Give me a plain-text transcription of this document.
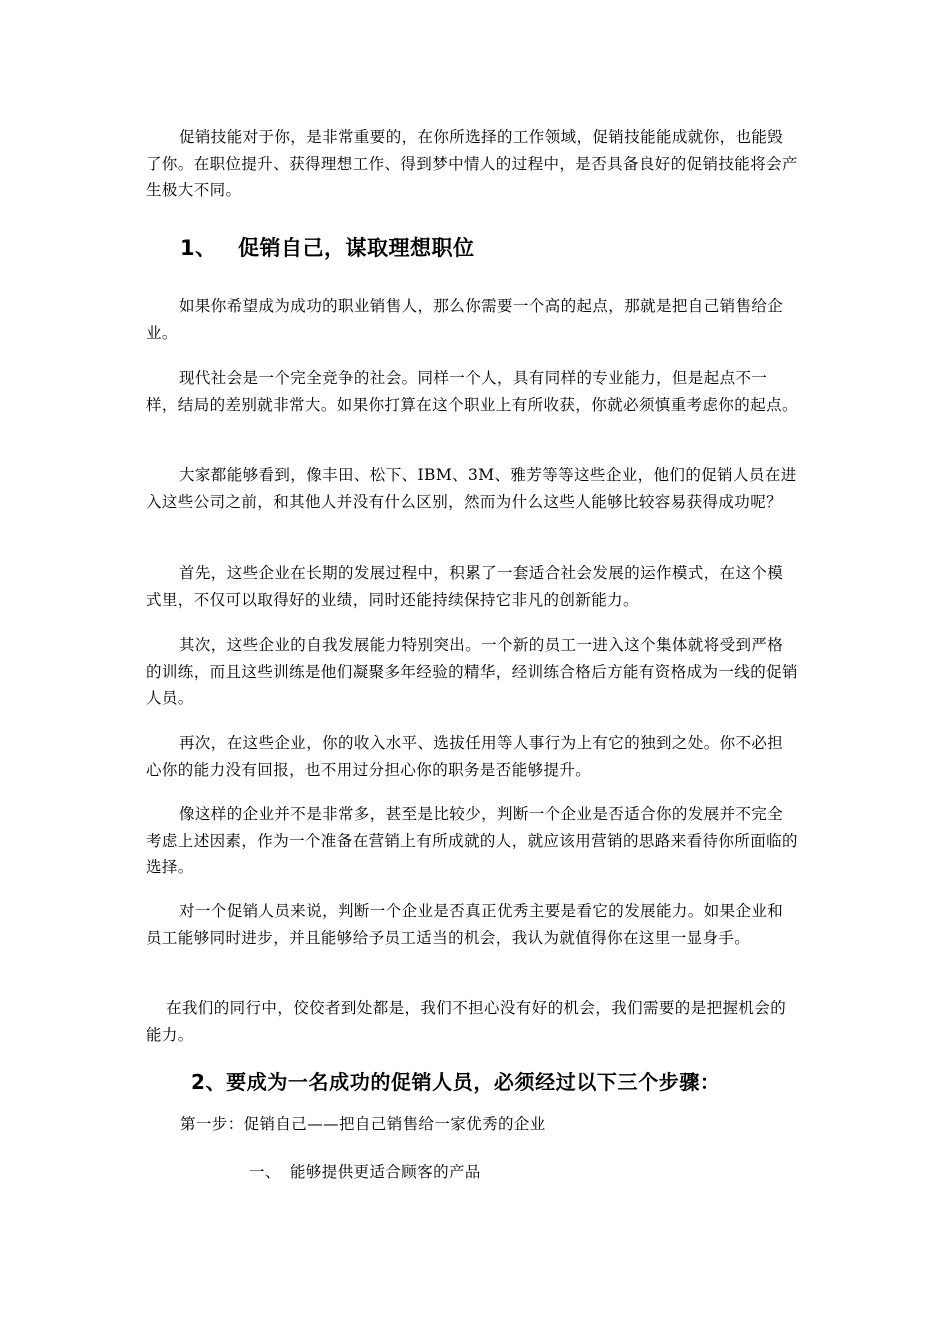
促销技能对于你，是非常重要的，在你所选择的工作领域，促销技能能成就你，也能毁了你。在职位提升、获得理想工作、得到梦中情人的过程中，是否具备良好的促销技能将会产生极大不同。

1、 促销自己，谋取理想职位

如果你希望成为成功的职业销售人，那么你需要一个高的起点，那就是把自己销售给企业。

现代社会是一个完全竞争的社会。同样一个人，具有同样的专业能力，但是起点不一样，结局的差别就非常大。如果你打算在这个职业上有所收获，你就必须慎重考虑你的起点。

大家都能够看到，像丰田、松下、IBM、3M、雅芳等等这些企业，他们的促销人员在进入这些公司之前，和其他人并没有什么区别，然而为什么这些人能够比较容易获得成功呢？

首先，这些企业在长期的发展过程中，积累了一套适合社会发展的运作模式，在这个模式里，不仅可以取得好的业绩，同时还能持续保持它非凡的创新能力。

其次，这些企业的自我发展能力特别突出。一个新的员工一进入这个集体就将受到严格的训练，而且这些训练是他们凝聚多年经验的精华，经训练合格后方能有资格成为一线的促销人员。

再次，在这些企业，你的收入水平、选拔任用等人事行为上有它的独到之处。你不必担心你的能力没有回报，也不用过分担心你的职务是否能够提升。

像这样的企业并不是非常多，甚至是比较少，判断一个企业是否适合你的发展并不完全考虑上述因素，作为一个准备在营销上有所成就的人，就应该用营销的思路来看待你所面临的选择。

对一个促销人员来说，判断一个企业是否真正优秀主要是看它的发展能力。如果企业和员工能够同时进步，并且能够给予员工适当的机会，我认为就值得你在这里一显身手。

在我们的同行中，佼佼者到处都是，我们不担心没有好的机会，我们需要的是把握机会的能力。

2、要成为一名成功的促销人员，必须经过以下三个步骤：

第一步：促销自己——把自己销售给一家优秀的企业

一、 能够提供更适合顾客的产品
